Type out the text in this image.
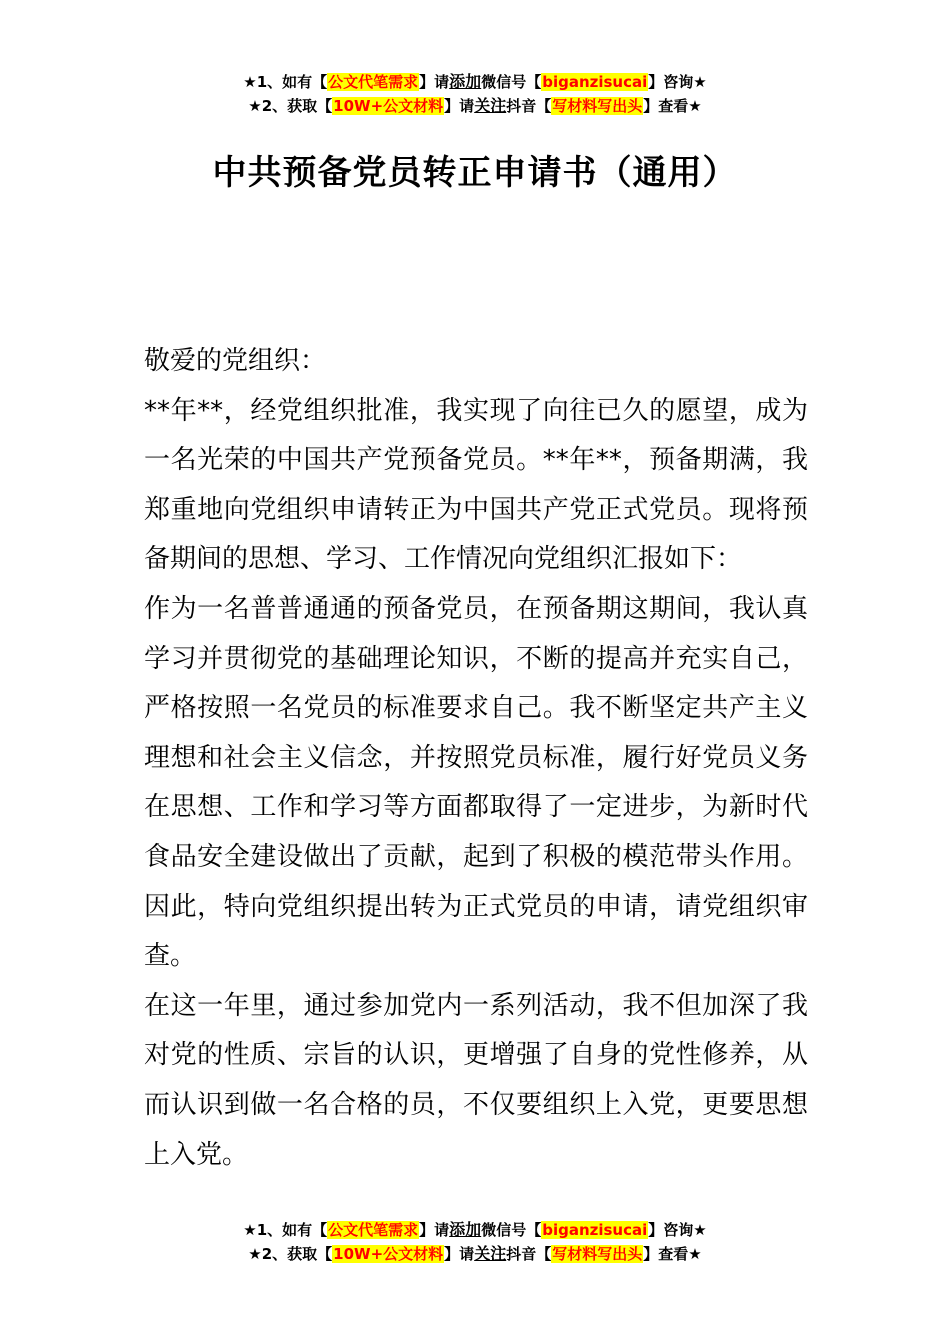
★1、如有【公文代笔需求】请添加微信号【biganzisucai】咨询★
★2、获取【10W+公文材料】请关注抖音【写材料写出头】查看★
中共预备党员转正申请书（通用）

敬爱的党组织：

**年**，经党组织批准，我实现了向往已久的愿望，成为一名光荣的中国共产党预备党员。**年**，预备期满，我郑重地向党组织申请转正为中国共产党正式党员。现将预备期间的思想、学习、工作情况向党组织汇报如下：

作为一名普普通通的预备党员，在预备期这期间，我认真学习并贯彻党的基础理论知识，不断的提高并充实自己，严格按照一名党员的标准要求自己。我不断坚定共产主义理想和社会主义信念，并按照党员标准，履行好党员义务在思想、工作和学习等方面都取得了一定进步，为新时代食品安全建设做出了贡献，起到了积极的模范带头作用。因此，特向党组织提出转为正式党员的申请，请党组织审查。

在这一年里，通过参加党内一系列活动，我不但加深了我对党的性质、宗旨的认识，更增强了自身的党性修养，从而认识到做一名合格的员，不仅要组织上入党，更要思想上入党。

★1、如有【公文代笔需求】请添加微信号【biganzisucai】咨询★
★2、获取【10W+公文材料】请关注抖音【写材料写出头】查看★
